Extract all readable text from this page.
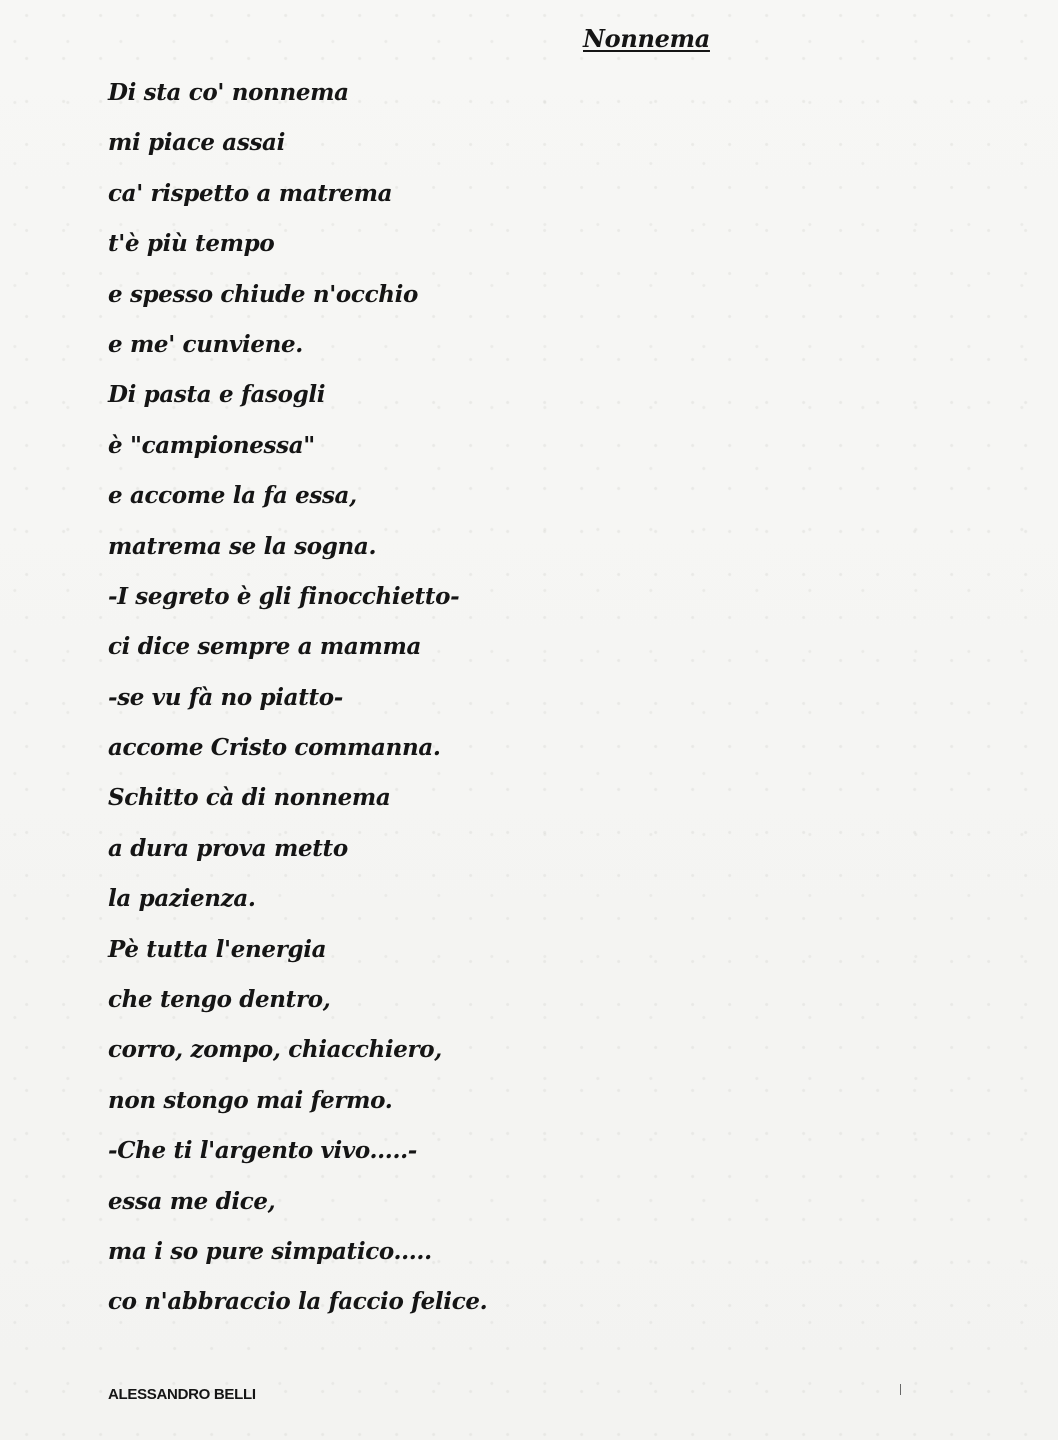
Nonnema
Di sta co' nonnema
mi piace assai
ca' rispetto a matrema
t'è più tempo
e spesso chiude n'occhio
e me' cunviene.
Di pasta e fasogli
è "campionessa"
e accome la fa essa,
matrema se la sogna.
-I segreto è gli finocchietto-
ci dice sempre a mamma
-se vu fà no piatto-
accome Cristo commanna.
Schitto cà di nonnema
a dura prova metto
la pazienza.
Pè tutta l'energia
che tengo dentro,
corro, zompo, chiacchiero,
non stongo mai fermo.
-Che ti l'argento vivo.....-
essa me dice,
ma i so pure simpatico.....
co n'abbraccio la faccio felice.
ALESSANDRO BELLI
